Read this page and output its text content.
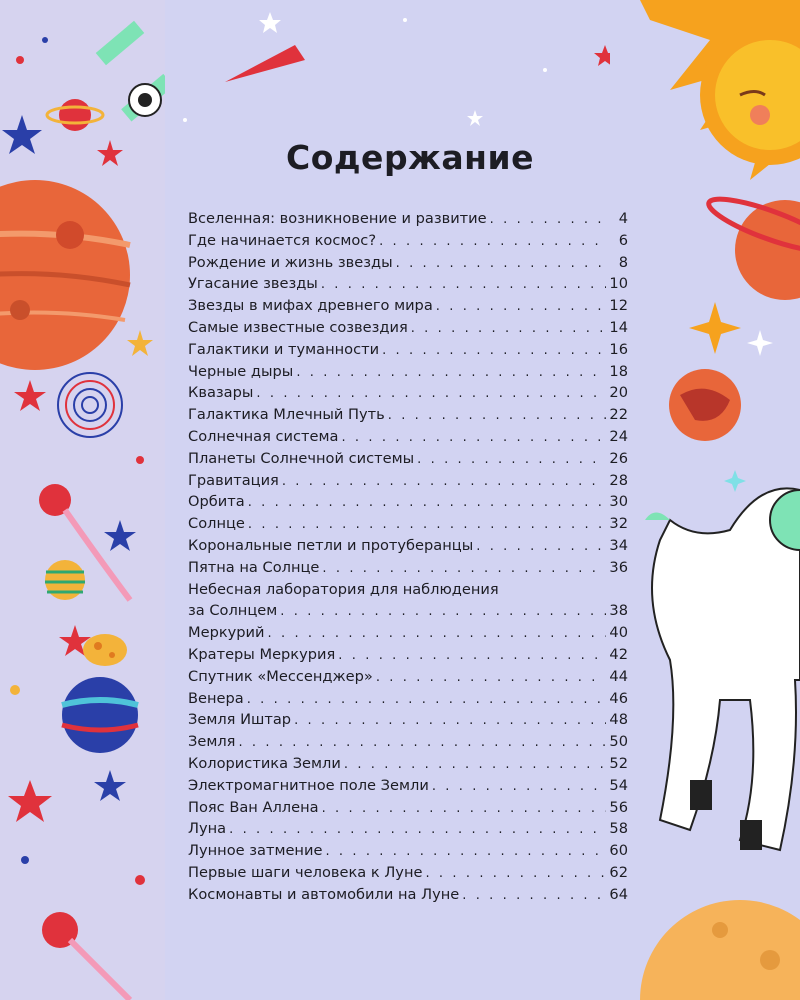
Содержание
Вселенная: возникновение и развитие . . .	4
Где начинается космос? . . .	6
Рождение и жизнь звезды . . .	8
Угасание звезды . . .	10
Звезды в мифах древнего мира . . .	12
Самые известные созвездия . . .	14
Галактики и туманности . . .	16
Черные дыры . . .	18
Квазары . . .	20
Галактика Млечный Путь . . .	22
Солнечная система . . .	24
Планеты Солнечной системы . . .	26
Гравитация . . .	28
Орбита . . .	30
Солнце . . .	32
Корональные петли и протуберанцы . . .	34
Пятна на Солнце . . .	36
Небесная лаборатория для наблюдения
за Солнцем . . .	38
Меркурий . . .	40
Кратеры Меркурия . . .	42
Спутник «Мессенджер» . . .	44
Венера . . .	46
Земля Иштар . . .	48
Земля . . .	50
Колористика Земли . . .	52
Электромагнитное поле Земли . . .	54
Пояс Ван Аллена . . .	56
Луна . . .	58
Лунное затмение . . .	60
Первые шаги человека к Луне . . .	62
Космонавты и автомобили на Луне . . .	64
